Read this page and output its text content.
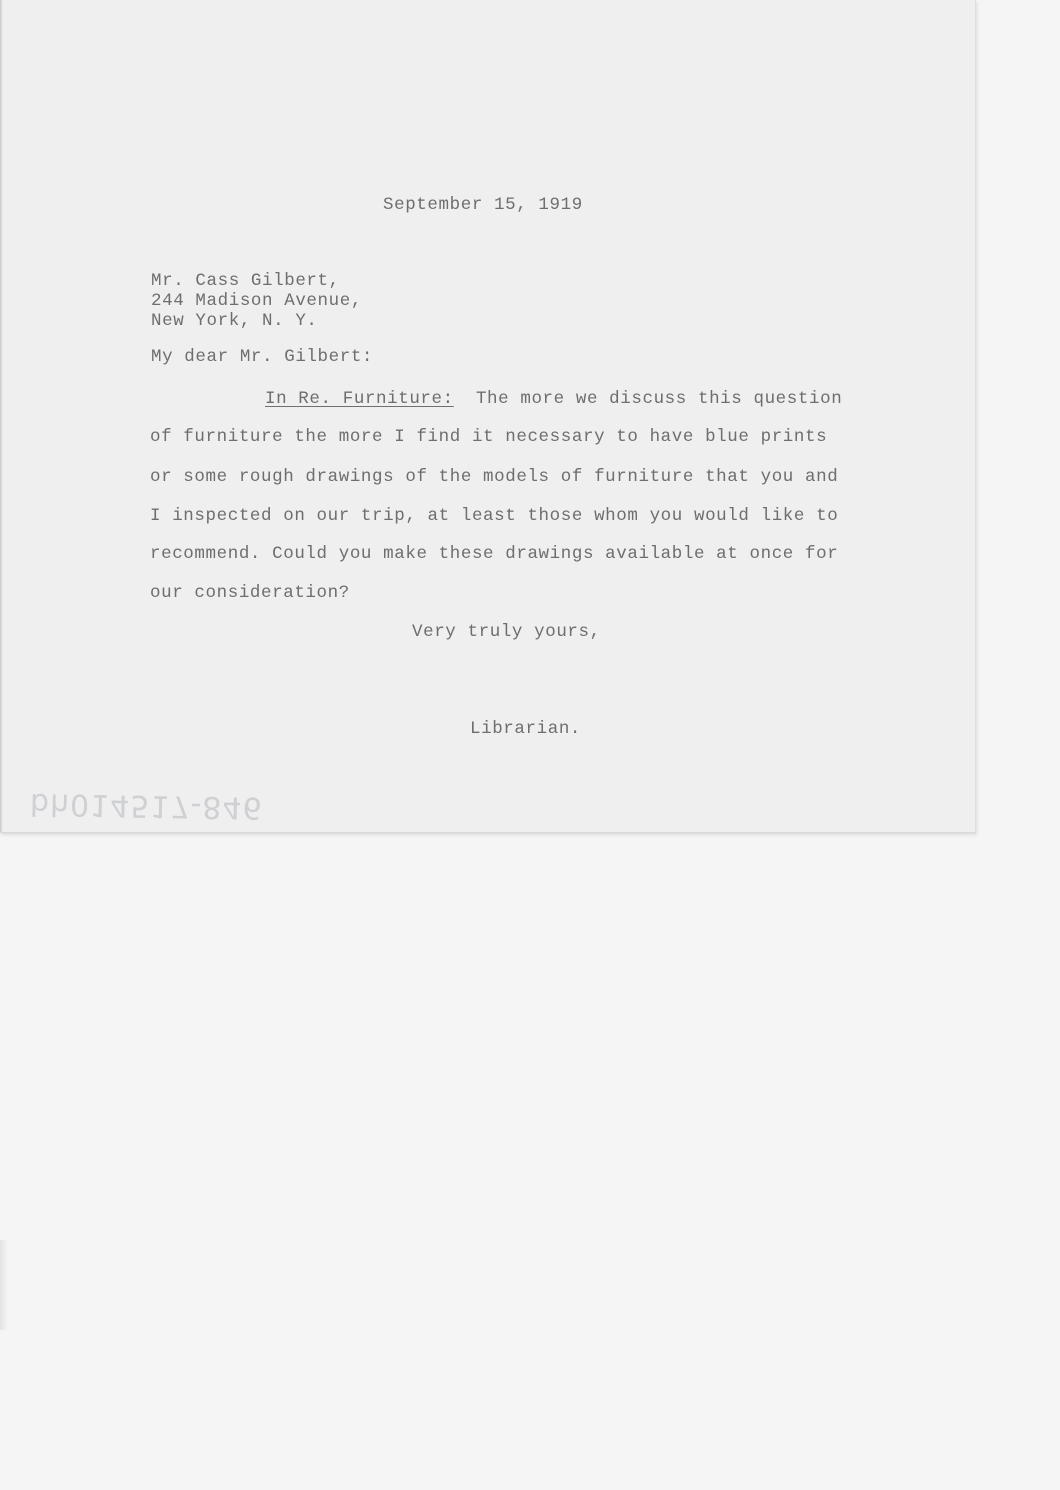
September 15, 1919
Mr. Cass Gilbert,
244 Madison Avenue,
New York, N. Y.
My dear Mr. Gilbert:
In Re. Furniture:  The more we discuss this question
of furniture the more I find it necessary to have blue prints
or some rough drawings of the models of furniture that you and
I inspected on our trip, at least those whom you would like to
recommend. Could you make these drawings available at once for
our consideration?
Very truly yours,
Librarian.
bh014517-846
